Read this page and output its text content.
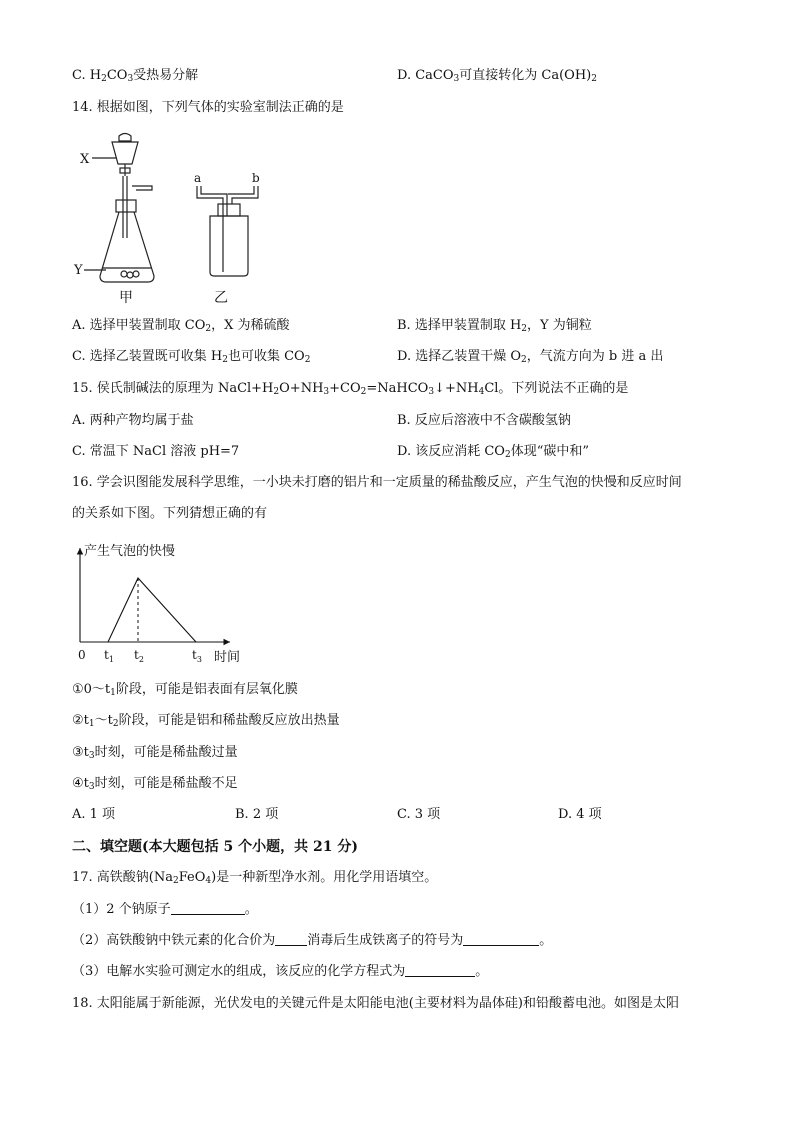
C. $H_2CO_3$受热易分解	D. CaCO$_3$可直接转化为 $Ca(OH)_2$
14. 根据如图，下列气体的实验室制法正确的是
X
Y
a	b
甲	乙
A. 选择甲装置制取 $CO_2$，X 为稀硫酸	B. 选择甲装置制取 $H_2$，Y 为铜粒
C. 选择乙装置既可收集 $H_2$也可收集 $CO_2$	D. 选择乙装置干燥 $O_2$，气流方向为 b 进 a 出
15. 侯氏制碱法的原理为 $NaCl+H_2O+NH_3+CO_2=NaHCO_3↓+NH_4Cl$。下列说法不正确的是
A. 两种产物均属于盐	B. 反应后溶液中不含碳酸氢钠
C. 常温下 NaCl 溶液 pH=7	D. 该反应消耗 $CO_2$体现“碳中和”
16. 学会识图能发展科学思维，一小块未打磨的铝片和一定质量的稀盐酸反应，产生气泡的快慢和反应时间
的关系如下图。下列猜想正确的有
产生气泡的快慢
时间
0 $t_1$ $t_2$	$t_3$
$①0\sim t_1$阶段，可能是铝表面有层氧化膜
$②t_1\sim t_2$阶段，可能是铝和稀盐酸反应放出热量
$③t_3$时刻，可能是稀盐酸过量
$④t_3$时刻，可能是稀盐酸不足
A. 1 项	B. 2 项	C. 3 项	D. 4 项
二、填空题(本大题包括 5 个小题，共 21 分)
17. 高铁酸钠$(Na_2FeO_4)$是一种新型净水剂。用化学用语填空。
（1）2 个钠原子	。
（2）高铁酸钠中铁元素的化合价为 消毒后生成铁离子的符号为	。
（3）电解水实验可测定水的组成，该反应的化学方程式为	。
18. 太阳能属于新能源，光伏发电的关键元件是太阳能电池(主要材料为晶体硅)和铅酸蓄电池。如图是太阳
